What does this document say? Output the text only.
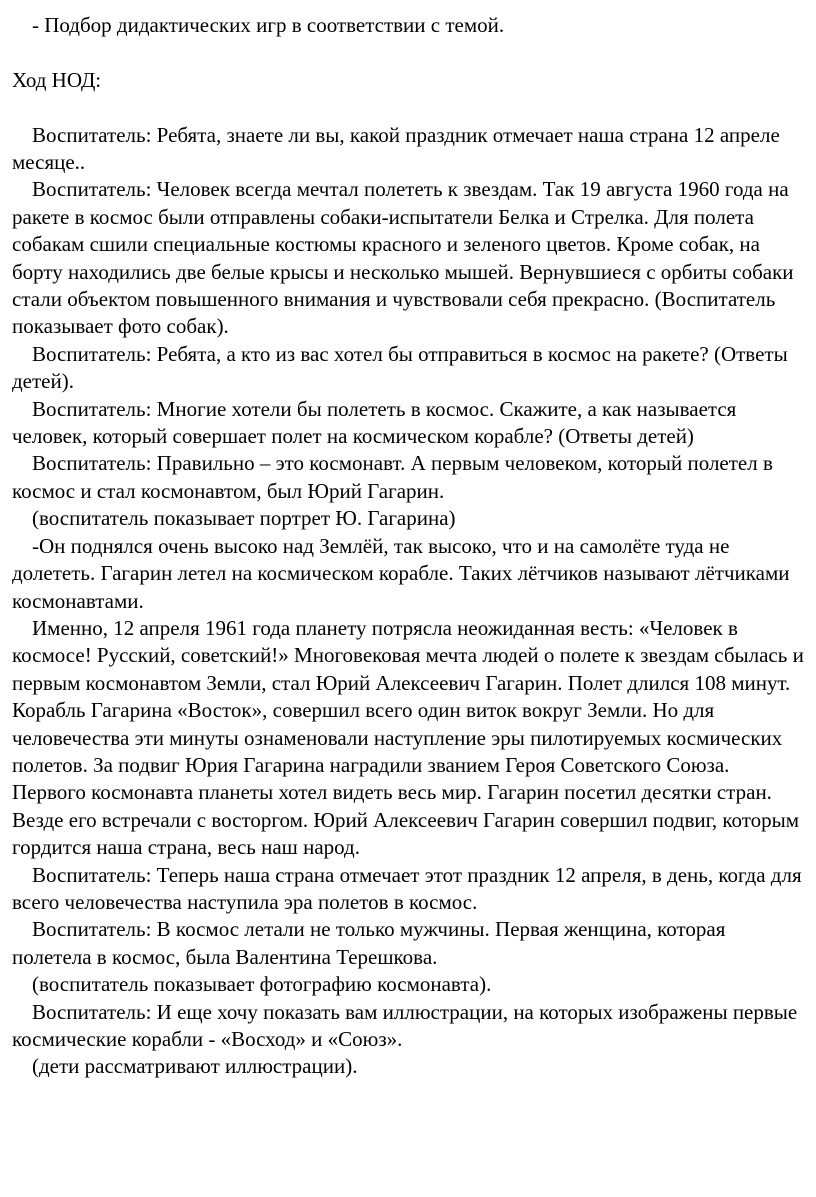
- Подбор дидактических игр в соответствии с темой.

Ход НОД:

Воспитатель: Ребята, знаете ли вы, какой праздник отмечает наша страна 12 апреле месяце..

Воспитатель: Человек всегда мечтал полететь к звездам. Так 19 августа 1960 года на ракете в космос были отправлены собаки-испытатели Белка и Стрелка. Для полета собакам сшили специальные костюмы красного и зеленого цветов. Кроме собак, на борту находились две белые крысы и несколько мышей. Вернувшиеся с орбиты собаки стали объектом повышенного внимания и чувствовали себя прекрасно. (Воспитатель показывает фото собак).

Воспитатель: Ребята, а кто из вас хотел бы отправиться в космос на ракете? (Ответы детей).

Воспитатель: Многие хотели бы полететь в космос. Скажите, а как называется человек, который совершает полет на космическом корабле? (Ответы детей)

Воспитатель: Правильно – это космонавт. А первым человеком, который полетел в космос и стал космонавтом, был Юрий Гагарин.

(воспитатель показывает портрет Ю. Гагарина)

-Он поднялся очень высоко над Землёй, так высоко, что и на самолёте туда не долететь. Гагарин летел на космическом корабле. Таких лётчиков называют лётчиками космонавтами.

Именно, 12 апреля 1961 года планету потрясла неожиданная весть: «Человек в космосе! Русский, советский!» Многовековая мечта людей о полете к звездам сбылась и первым космонавтом Земли, стал Юрий Алексеевич Гагарин. Полет длился 108 минут. Корабль Гагарина «Восток», совершил всего один виток вокруг Земли. Но для человечества эти минуты ознаменовали наступление эры пилотируемых космических полетов. За подвиг Юрия Гагарина наградили званием Героя Советского Союза. Первого космонавта планеты хотел видеть весь мир. Гагарин посетил десятки стран. Везде его встречали с восторгом. Юрий Алексеевич Гагарин совершил подвиг, которым гордится наша страна, весь наш народ.

Воспитатель: Теперь наша страна отмечает этот праздник 12 апреля, в день, когда для всего человечества наступила эра полетов в космос.

Воспитатель: В космос летали не только мужчины. Первая женщина, которая полетела в космос, была Валентина Терешкова.

(воспитатель показывает фотографию космонавта).

Воспитатель: И еще хочу показать вам иллюстрации, на которых изображены первые космические корабли - «Восход» и «Союз».

(дети рассматривают иллюстрации).
